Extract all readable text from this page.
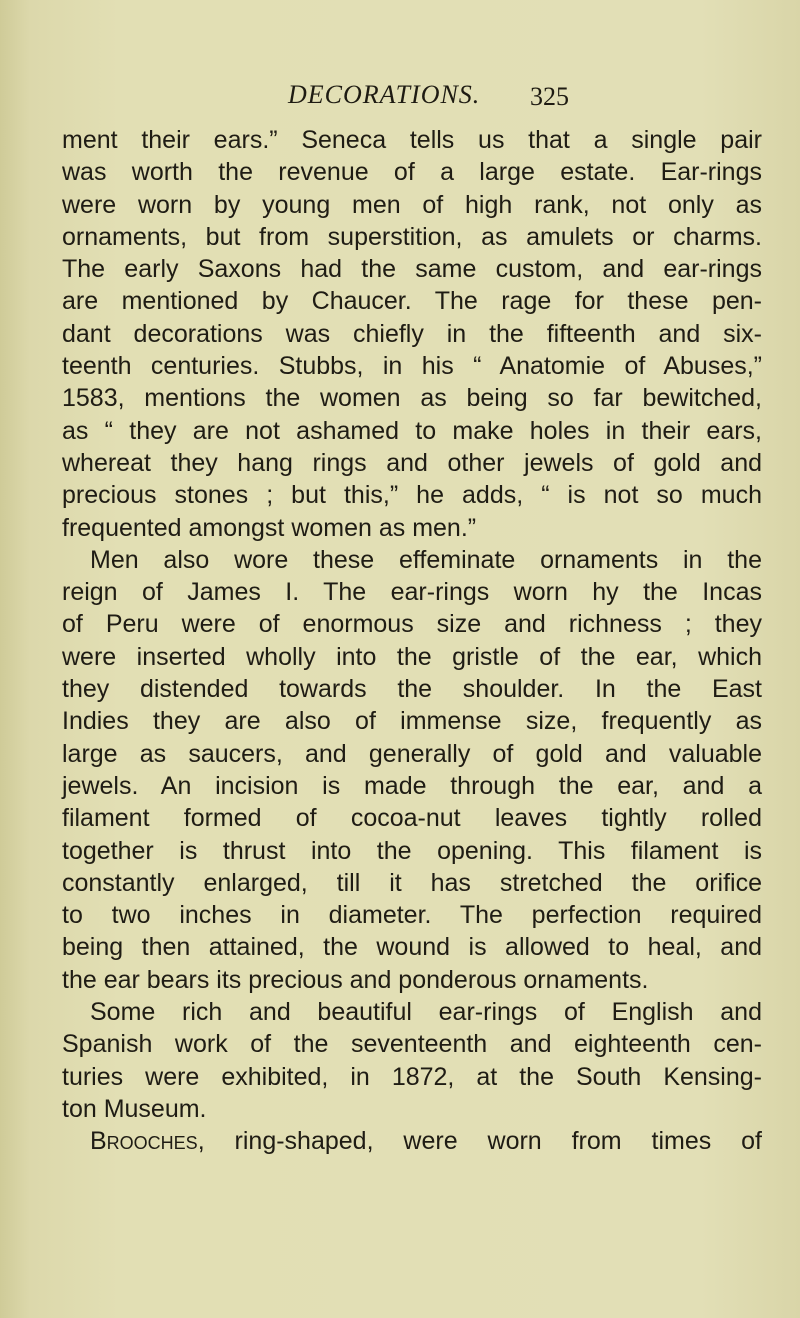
DECORATIONS. 325
ment their ears.” Seneca tells us that a single pair
was worth the revenue of a large estate. Ear-rings
were worn by young men of high rank, not only as
ornaments, but from superstition, as amulets or charms.
The early Saxons had the same custom, and ear-rings
are mentioned by Chaucer. The rage for these pen-
dant decorations was chiefly in the fifteenth and six-
teenth centuries. Stubbs, in his “ Anatomie of Abuses,”
1583, mentions the women as being so far bewitched,
as “ they are not ashamed to make holes in their ears,
whereat they hang rings and other jewels of gold and
precious stones ; but this,” he adds, “ is not so much
frequented amongst women as men.”
Men also wore these effeminate ornaments in the
reign of James I. The ear-rings worn hy the Incas
of Peru were of enormous size and richness ; they
were inserted wholly into the gristle of the ear, which
they distended towards the shoulder. In the East
Indies they are also of immense size, frequently as
large as saucers, and generally of gold and valuable
jewels. An incision is made through the ear, and a
filament formed of cocoa-nut leaves tightly rolled
together is thrust into the opening. This filament is
constantly enlarged, till it has stretched the orifice
to two inches in diameter. The perfection required
being then attained, the wound is allowed to heal, and
the ear bears its precious and ponderous ornaments.
Some rich and beautiful ear-rings of English and
Spanish work of the seventeenth and eighteenth cen-
turies were exhibited, in 1872, at the South Kensing-
ton Museum.
Brooches, ring-shaped, were worn from times of
